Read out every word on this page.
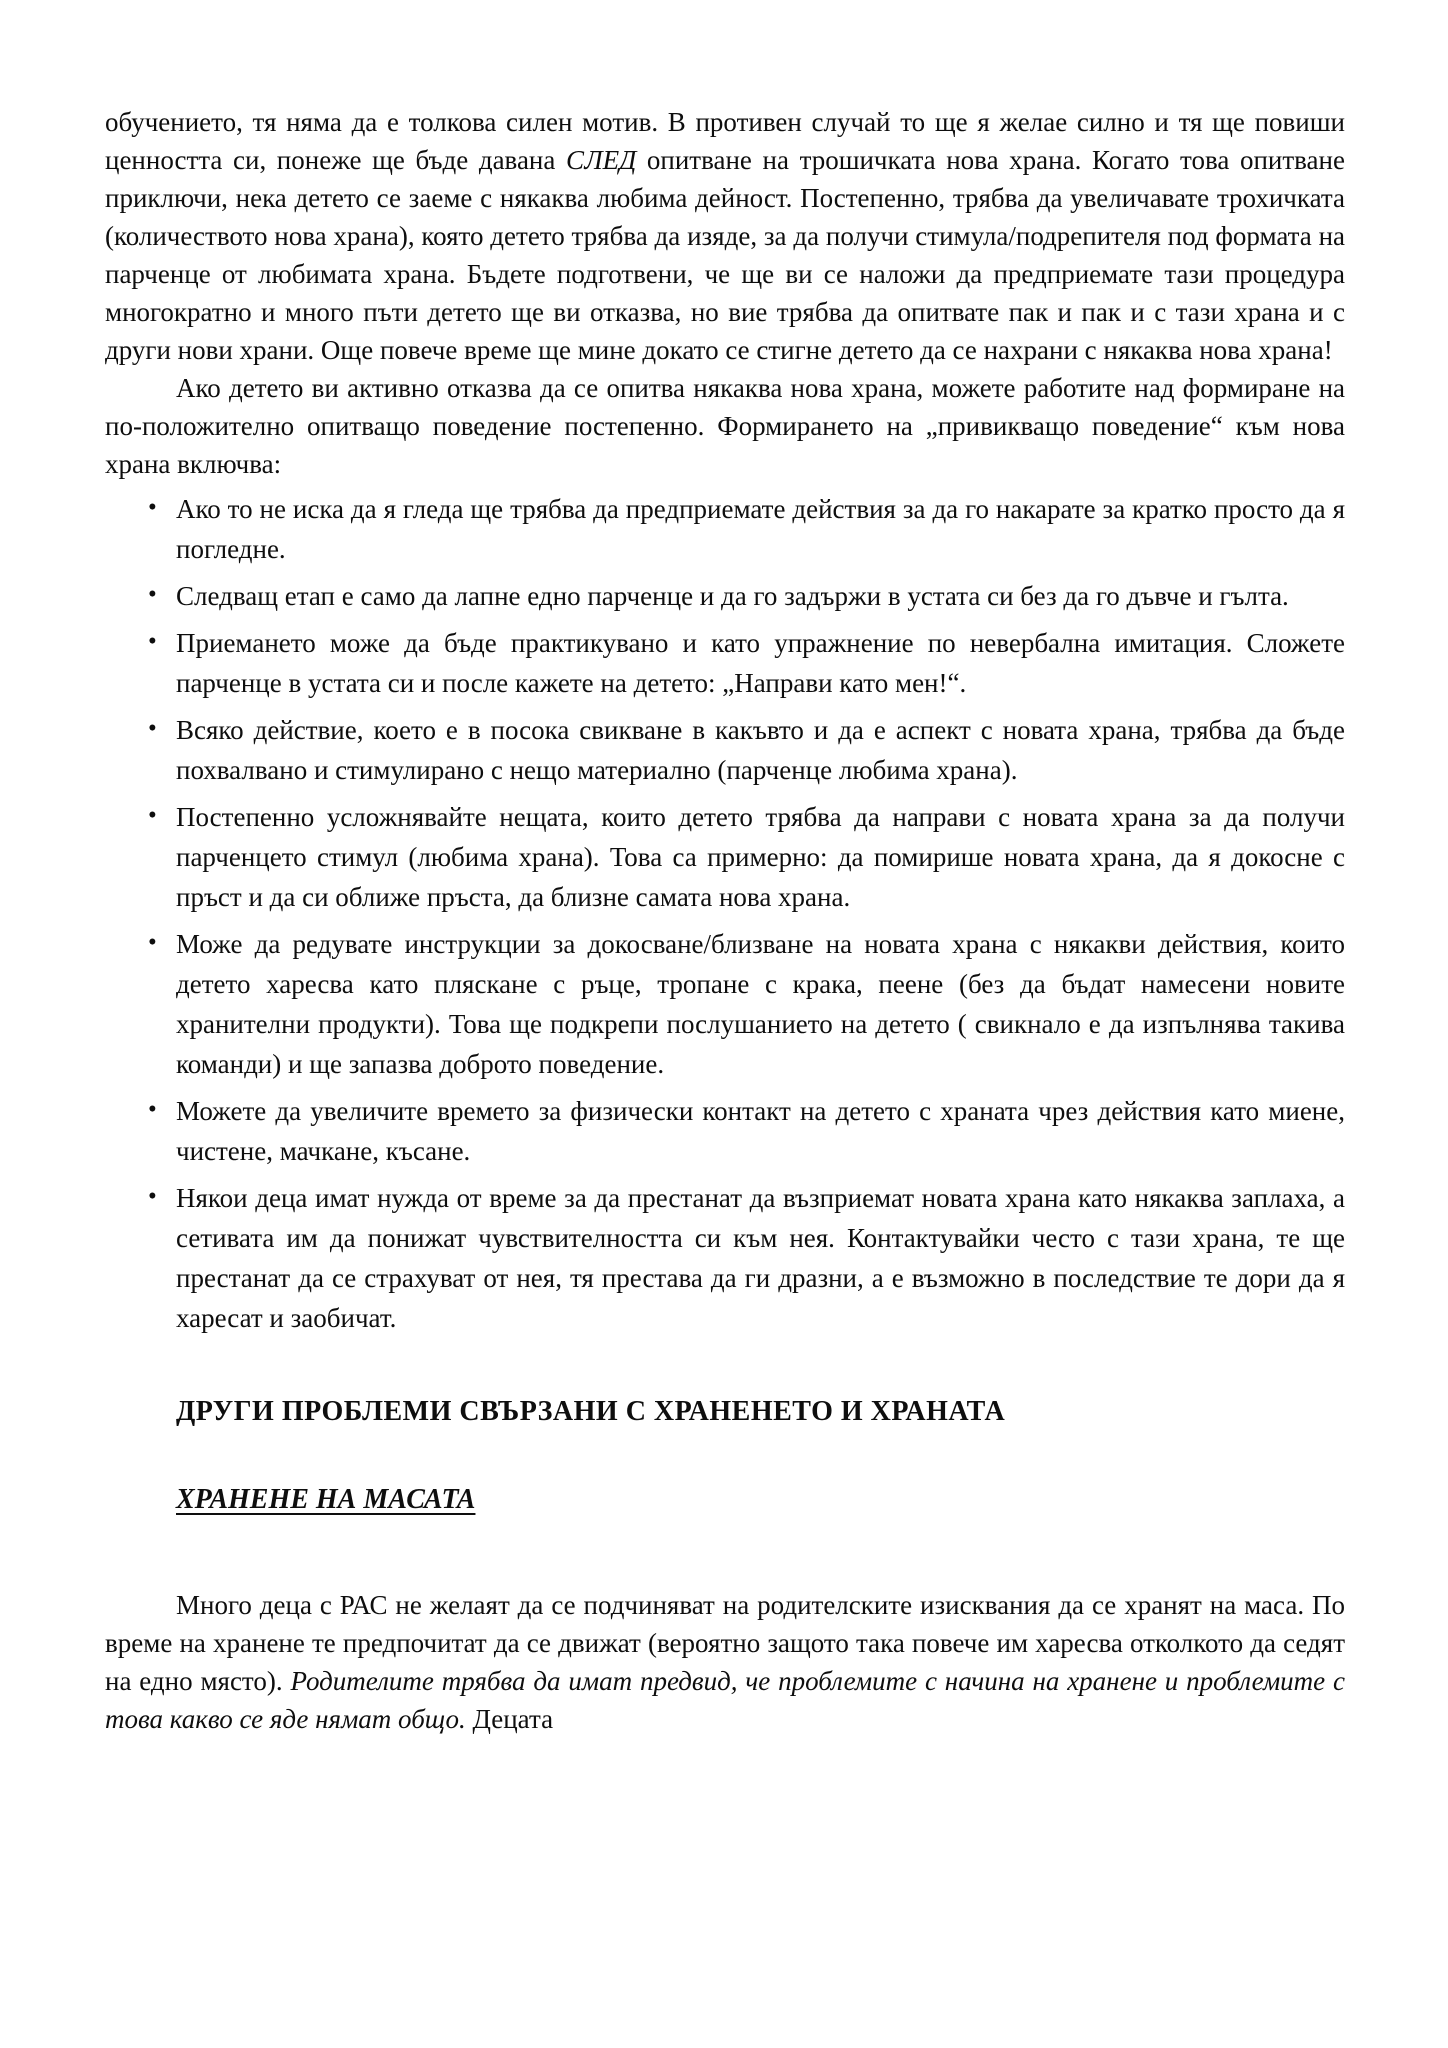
обучението, тя няма да е толкова силен мотив. В противен случай то ще я желае силно и тя ще повиши ценността си, понеже ще бъде давана СЛЕД опитване на трошичката нова храна. Когато това опитване приключи, нека детето се заеме с някаква любима дейност. Постепенно, трябва да увеличавате трохичката (количеството нова храна), която детето трябва да изяде, за да получи стимула/подрепителя под формата на парченце от любимата храна. Бъдете подготвени, че ще ви се наложи да предприемате тази процедура многократно и много пъти детето ще ви отказва, но вие трябва да опитвате пак и пак и с тази храна и с други нови храни. Още повече време ще мине докато се стигне детето да се нахрани с някаква нова храна!

Ако детето ви активно отказва да се опитва някаква нова храна, можете работите над формиране на по-положително опитващо поведение постепенно. Формирането на „привикващо поведение“ към нова храна включва:

• Ако то не иска да я гледа ще трябва да предприемате действия за да го накарате за кратко просто да я погледне.
• Следващ етап е само да лапне едно парченце и да го задържи в устата си без да го дъвче и гълта.
• Приемането може да бъде практикувано и като упражнение по невербална имитация. Сложете парченце в устата си и после кажете на детето: „Направи като мен!“.
• Всяко действие, което е в посока свикване в какъвто и да е аспект с новата храна, трябва да бъде похвалвано и стимулирано с нещо материално (парченце любима храна).
• Постепенно усложнявайте нещата, които детето трябва да направи с новата храна за да получи парченцето стимул (любима храна). Това са примерно: да помирише новата храна, да я докосне с пръст и да си оближе пръста, да близне самата нова храна.
• Може да редувате инструкции за докосване/близване на новата храна с някакви действия, които детето харесва като пляскане с ръце, тропане с крака, пеене (без да бъдат намесени новите хранителни продукти). Това ще подкрепи послушанието на детето ( свикнало е да изпълнява такива команди) и ще запазва доброто поведение.
• Можете да увеличите времето за физически контакт на детето с храната чрез действия като миене, чистене, мачкане, късане.
• Някои деца имат нужда от време за да престанат да възприемат новата храна като някаква заплаха, а сетивата им да понижат чувствителността си към нея. Контактувайки често с тази храна, те ще престанат да се страхуват от нея, тя престава да ги дразни, а е възможно в последствие те дори да я харесат и заобичат.
ДРУГИ ПРОБЛЕМИ СВЪРЗАНИ С ХРАНЕНЕТО И ХРАНАТА
ХРАНЕНЕ НА МАСАТА

Много деца с РАС не желаят да се подчиняват на родителските изисквания да се хранят на маса. По време на хранене те предпочитат да се движат (вероятно защото така повече им харесва отколкото да седят на едно място). Родителите трябва да имат предвид, че проблемите с начина на хранене и проблемите с това какво се яде нямат общо. Децата
